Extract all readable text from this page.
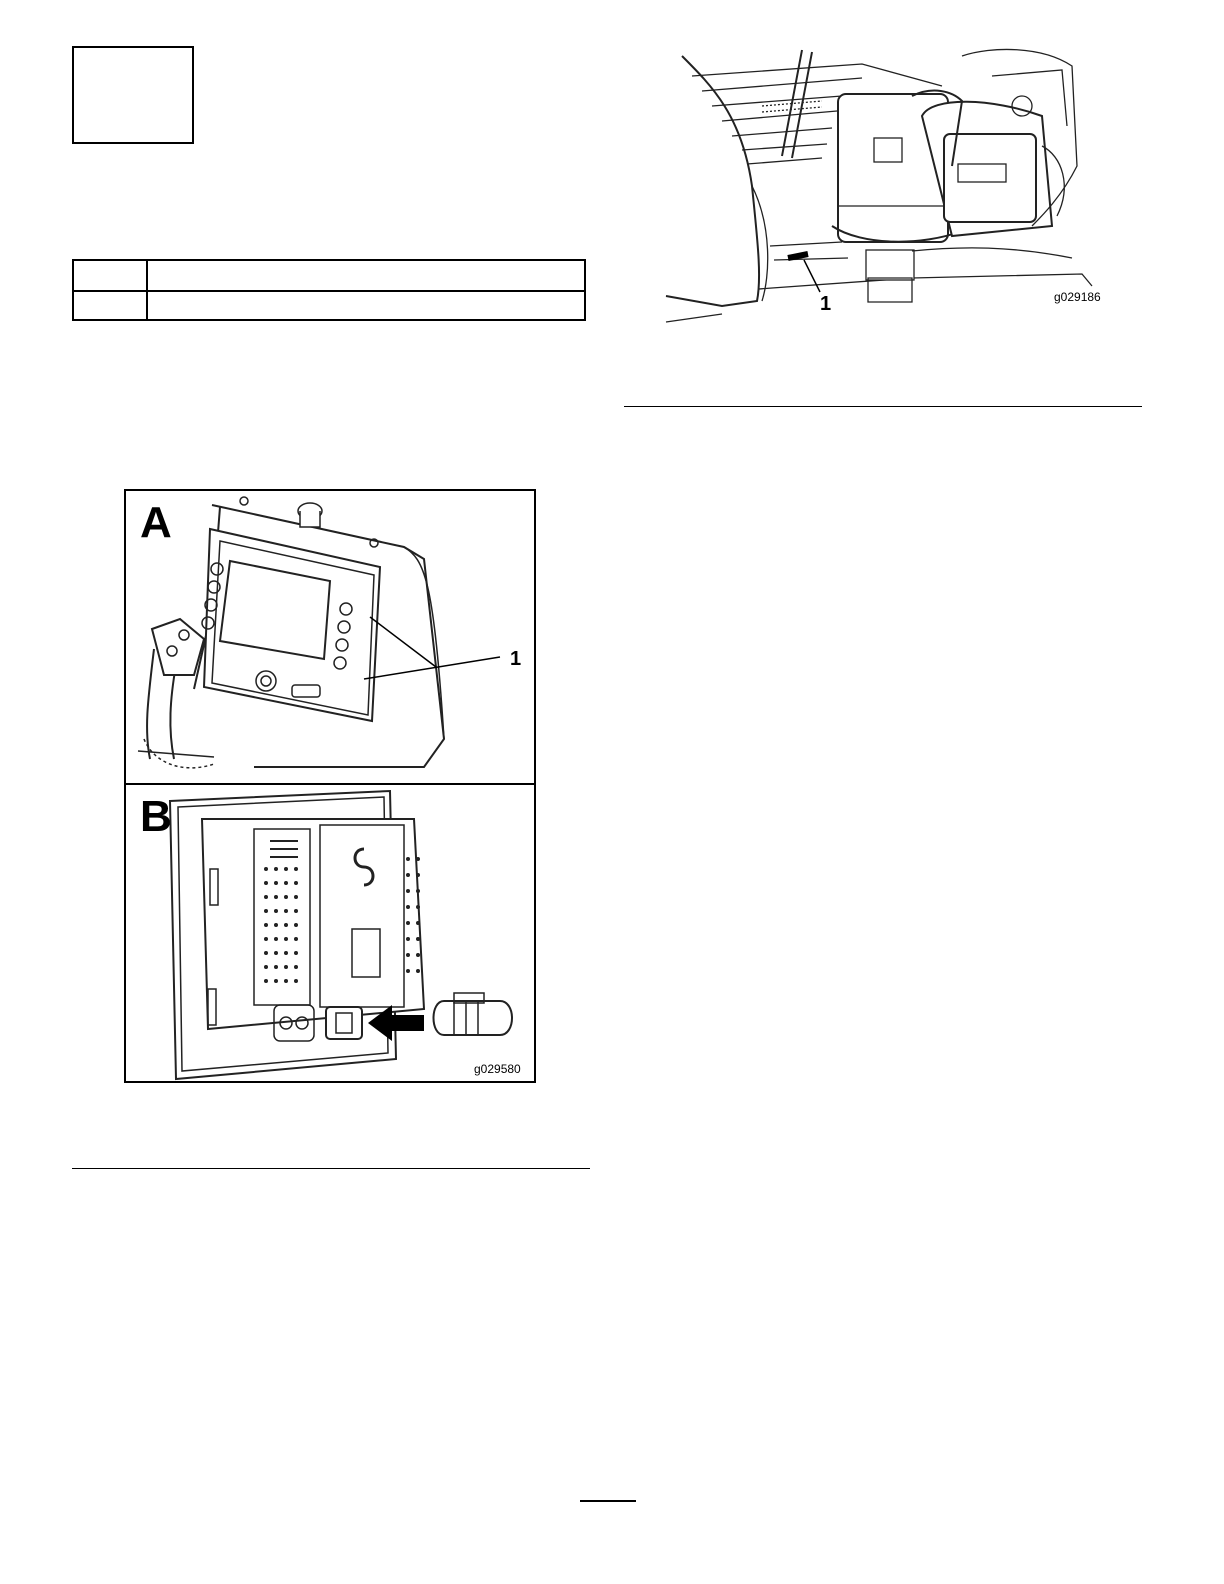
1	g029186
A
1
B
g029580
